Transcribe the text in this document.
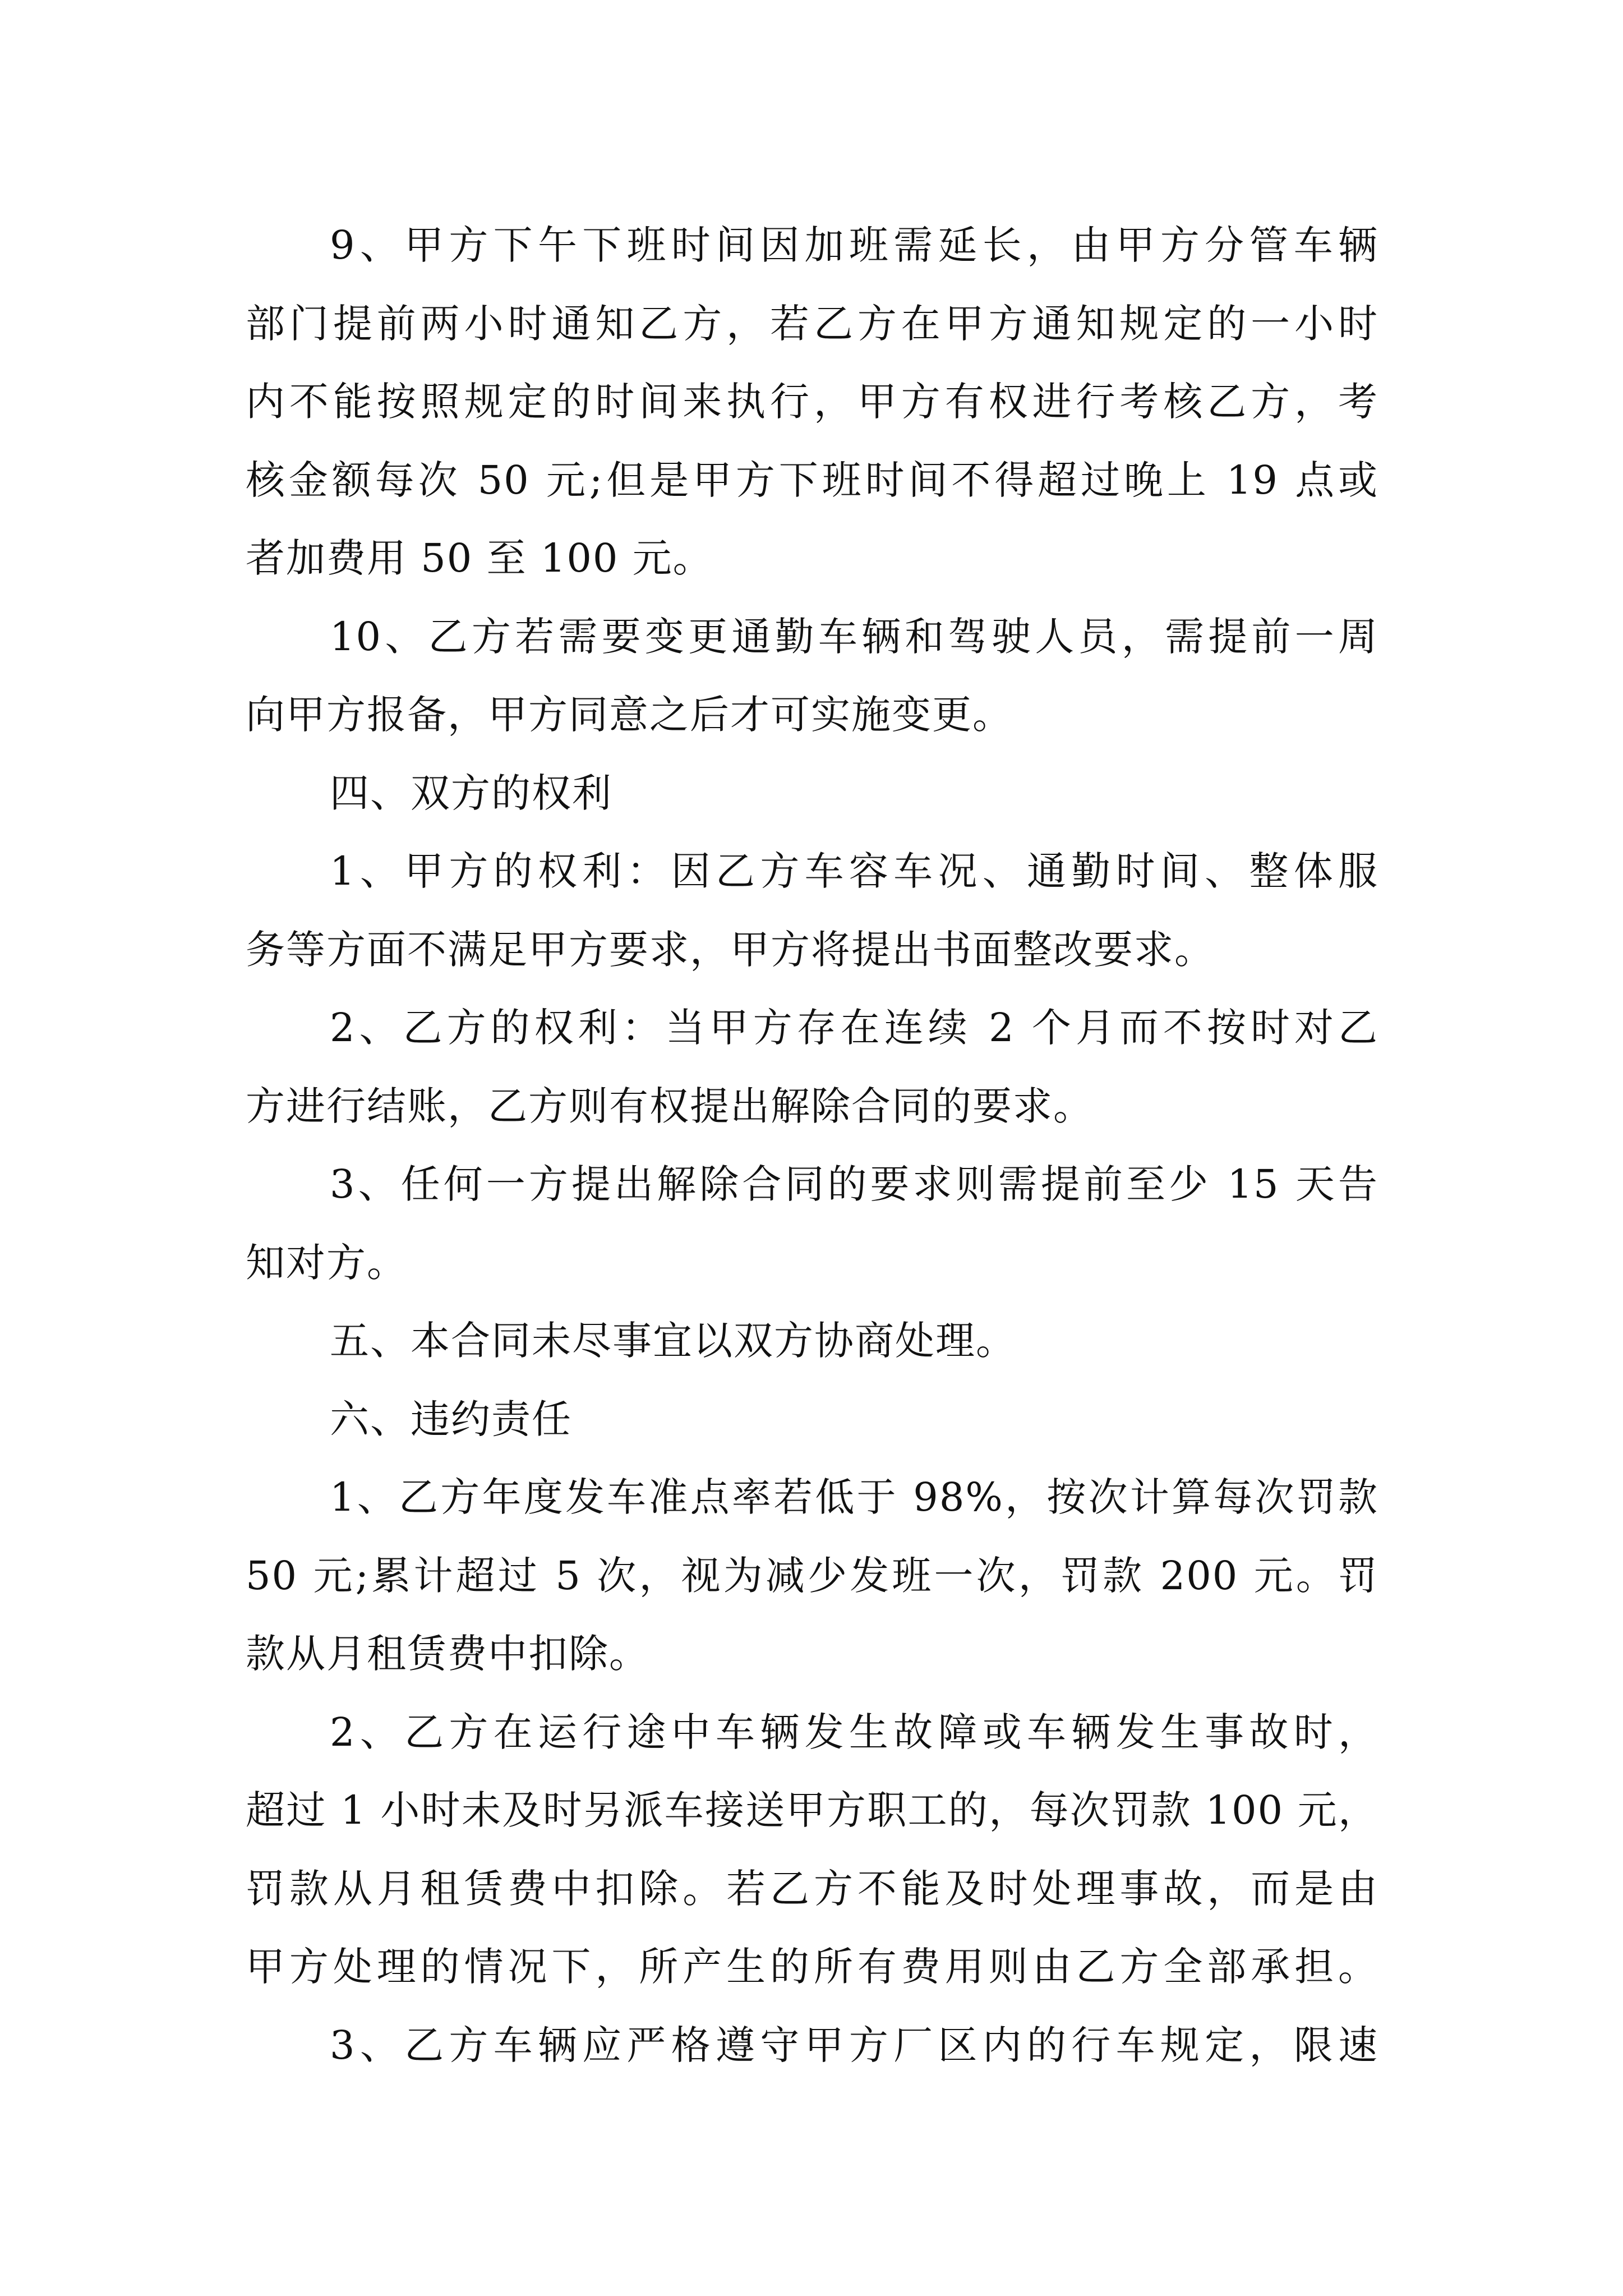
9、甲方下午下班时间因加班需延长，由甲方分管车辆
部门提前两小时通知乙方，若乙方在甲方通知规定的一小时
内不能按照规定的时间来执行，甲方有权进行考核乙方，考
核金额每次 50 元;但是甲方下班时间不得超过晚上 19 点或
者加费用 50 至 100 元。
10、乙方若需要变更通勤车辆和驾驶人员，需提前一周
向甲方报备，甲方同意之后才可实施变更。
四、双方的权利
1、甲方的权利：因乙方车容车况、通勤时间、整体服
务等方面不满足甲方要求，甲方将提出书面整改要求。
2、乙方的权利：当甲方存在连续 2 个月而不按时对乙
方进行结账，乙方则有权提出解除合同的要求。
3、任何一方提出解除合同的要求则需提前至少 15 天告
知对方。
五、本合同未尽事宜以双方协商处理。
六、违约责任
1、乙方年度发车准点率若低于 98%，按次计算每次罚款
50 元;累计超过 5 次，视为减少发班一次，罚款 200 元。罚
款从月租赁费中扣除。
2、乙方在运行途中车辆发生故障或车辆发生事故时，
超过 1 小时未及时另派车接送甲方职工的，每次罚款 100 元，
罚款从月租赁费中扣除。若乙方不能及时处理事故，而是由
甲方处理的情况下，所产生的所有费用则由乙方全部承担。
3、乙方车辆应严格遵守甲方厂区内的行车规定，限速
